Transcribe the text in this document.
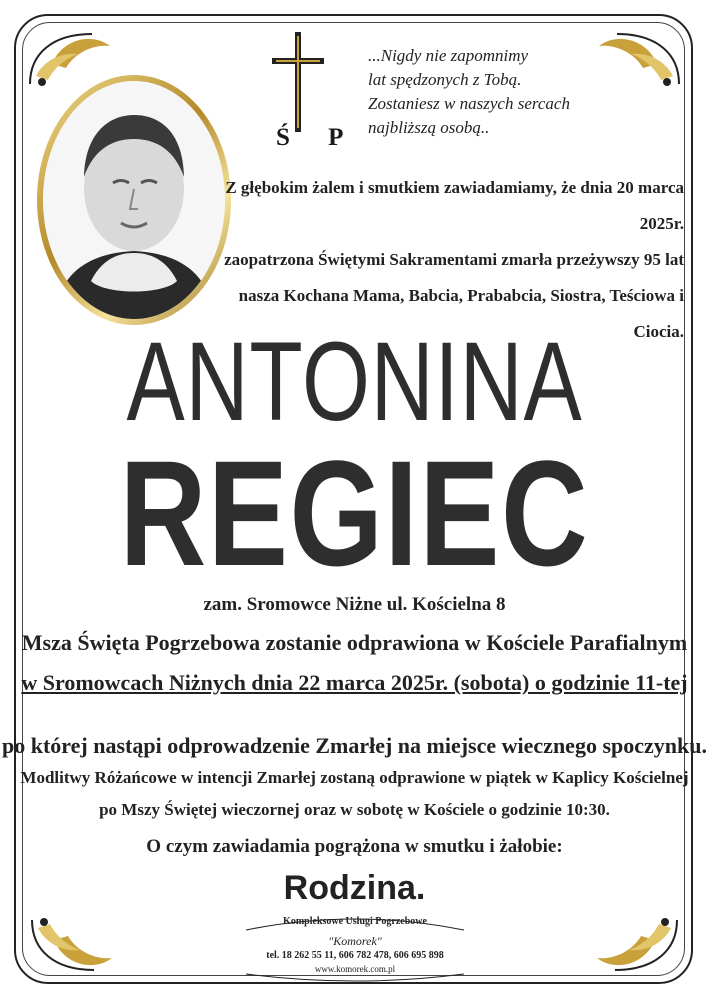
Ś P
...Nigdy nie zapomnimy
lat spędzonych z Tobą.
Zostaniesz w naszych sercach
najbliższą osobą..
Z głębokim żalem i smutkiem zawiadamiamy, że dnia 20 marca 2025r.
zaopatrzona Świętymi Sakramentami zmarła przeżywszy 95 lat
nasza Kochana Mama, Babcia, Prababcia, Siostra, Teściowa i Ciocia.
ANTONINA
REGIEC
zam. Sromowce Niżne ul. Kościelna 8
Msza Święta Pogrzebowa zostanie odprawiona w Kościele Parafialnym
w Sromowcach Niżnych dnia 22 marca 2025r. (sobota) o godzinie 11-tej
po której nastąpi odprowadzenie Zmarłej na miejsce wiecznego spoczynku.
Modlitwy Różańcowe w intencji Zmarłej zostaną odprawione w piątek w Kaplicy Kościelnej
po Mszy Świętej wieczornej oraz w sobotę w Kościele o godzinie 10:30.
O czym zawiadamia pogrążona w smutku i żałobie:
Rodzina.
Kompleksowe Usługi Pogrzebowe
"Komorek"
tel. 18 262 55 11, 606 782 478, 606 695 898
www.komorek.com.pl
